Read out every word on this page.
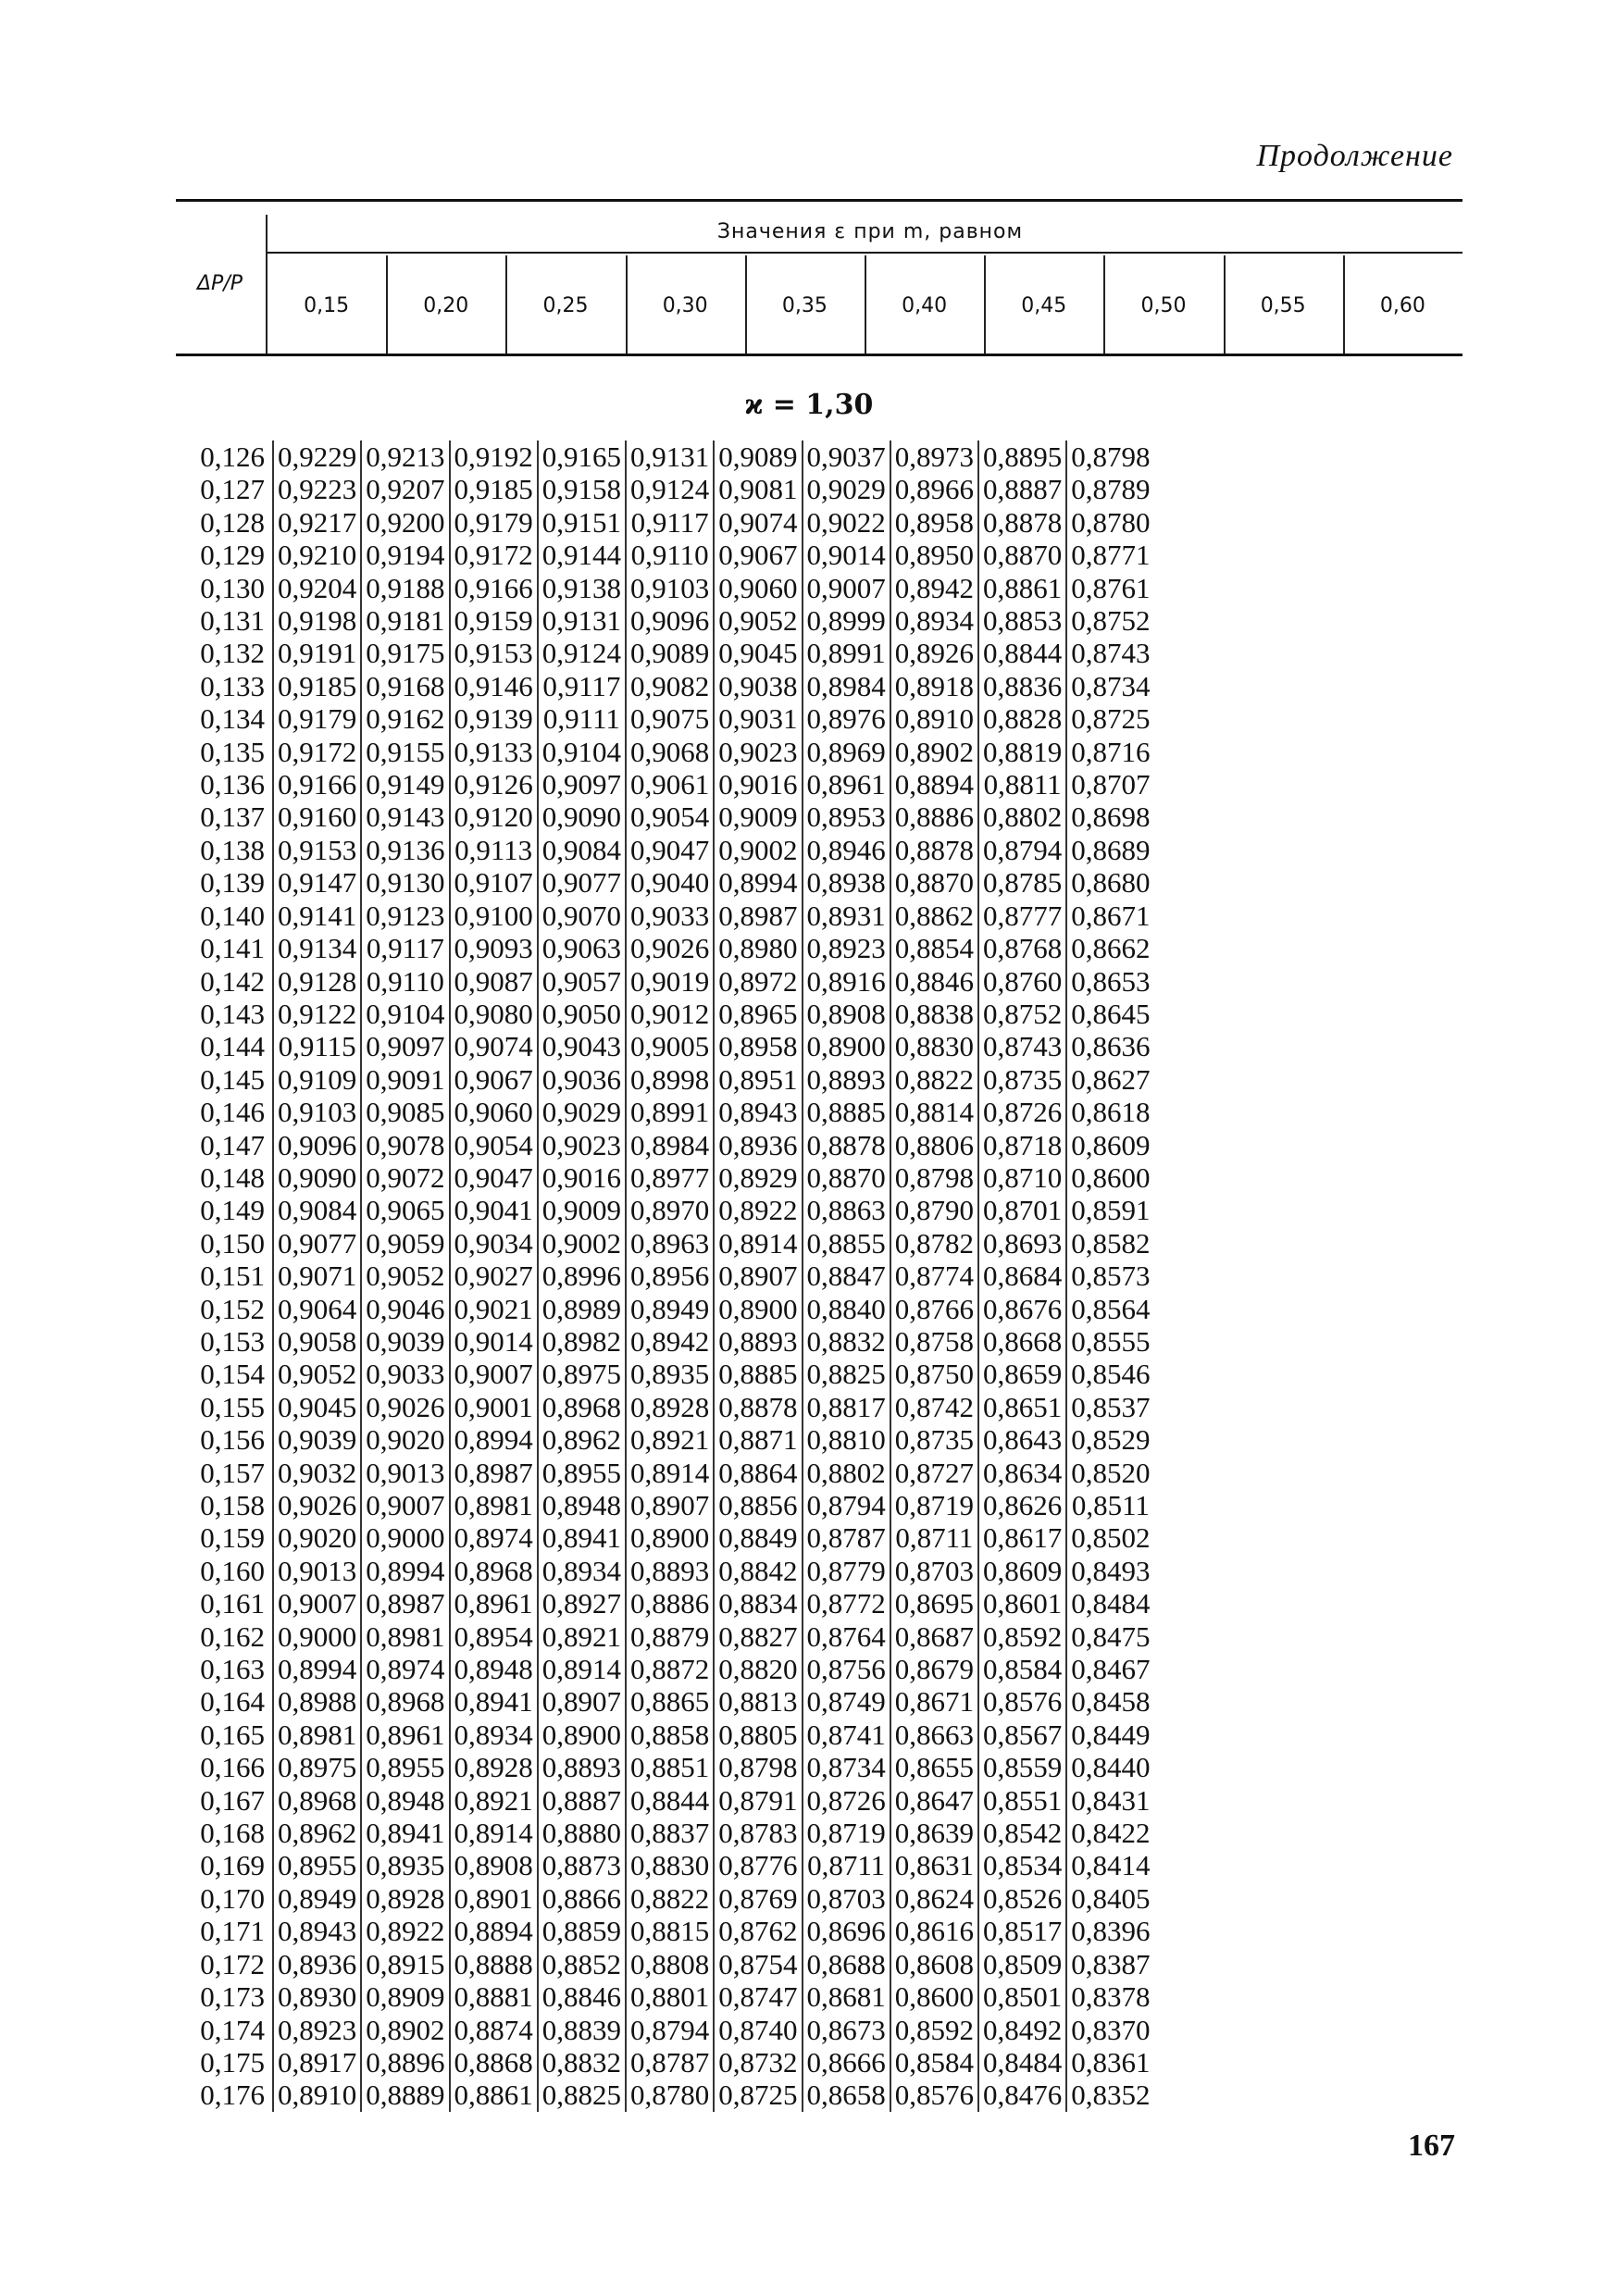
Продолжение
ΔP/P
Значения ε при m, равном
0,15	0,20	0,25	0,30	0,35	0,40	0,45	0,50	0,55	0,60
ϰ = 1,30
0,126	0,9229	0,9213	0,9192	0,9165	0,9131	0,9089	0,9037	0,8973	0,8895	0,8798
0,127	0,9223	0,9207	0,9185	0,9158	0,9124	0,9081	0,9029	0,8966	0,8887	0,8789
0,128	0,9217	0,9200	0,9179	0,9151	0,9117	0,9074	0,9022	0,8958	0,8878	0,8780
0,129	0,9210	0,9194	0,9172	0,9144	0,9110	0,9067	0,9014	0,8950	0,8870	0,8771
0,130	0,9204	0,9188	0,9166	0,9138	0,9103	0,9060	0,9007	0,8942	0,8861	0,8761
0,131	0,9198	0,9181	0,9159	0,9131	0,9096	0,9052	0,8999	0,8934	0,8853	0,8752
0,132	0,9191	0,9175	0,9153	0,9124	0,9089	0,9045	0,8991	0,8926	0,8844	0,8743
0,133	0,9185	0,9168	0,9146	0,9117	0,9082	0,9038	0,8984	0,8918	0,8836	0,8734
0,134	0,9179	0,9162	0,9139	0,9111	0,9075	0,9031	0,8976	0,8910	0,8828	0,8725
0,135	0,9172	0,9155	0,9133	0,9104	0,9068	0,9023	0,8969	0,8902	0,8819	0,8716
0,136	0,9166	0,9149	0,9126	0,9097	0,9061	0,9016	0,8961	0,8894	0,8811	0,8707
0,137	0,9160	0,9143	0,9120	0,9090	0,9054	0,9009	0,8953	0,8886	0,8802	0,8698
0,138	0,9153	0,9136	0,9113	0,9084	0,9047	0,9002	0,8946	0,8878	0,8794	0,8689
0,139	0,9147	0,9130	0,9107	0,9077	0,9040	0,8994	0,8938	0,8870	0,8785	0,8680
0,140	0,9141	0,9123	0,9100	0,9070	0,9033	0,8987	0,8931	0,8862	0,8777	0,8671
0,141	0,9134	0,9117	0,9093	0,9063	0,9026	0,8980	0,8923	0,8854	0,8768	0,8662
0,142	0,9128	0,9110	0,9087	0,9057	0,9019	0,8972	0,8916	0,8846	0,8760	0,8653
0,143	0,9122	0,9104	0,9080	0,9050	0,9012	0,8965	0,8908	0,8838	0,8752	0,8645
0,144	0,9115	0,9097	0,9074	0,9043	0,9005	0,8958	0,8900	0,8830	0,8743	0,8636
0,145	0,9109	0,9091	0,9067	0,9036	0,8998	0,8951	0,8893	0,8822	0,8735	0,8627
0,146	0,9103	0,9085	0,9060	0,9029	0,8991	0,8943	0,8885	0,8814	0,8726	0,8618
0,147	0,9096	0,9078	0,9054	0,9023	0,8984	0,8936	0,8878	0,8806	0,8718	0,8609
0,148	0,9090	0,9072	0,9047	0,9016	0,8977	0,8929	0,8870	0,8798	0,8710	0,8600
0,149	0,9084	0,9065	0,9041	0,9009	0,8970	0,8922	0,8863	0,8790	0,8701	0,8591
0,150	0,9077	0,9059	0,9034	0,9002	0,8963	0,8914	0,8855	0,8782	0,8693	0,8582
0,151	0,9071	0,9052	0,9027	0,8996	0,8956	0,8907	0,8847	0,8774	0,8684	0,8573
0,152	0,9064	0,9046	0,9021	0,8989	0,8949	0,8900	0,8840	0,8766	0,8676	0,8564
0,153	0,9058	0,9039	0,9014	0,8982	0,8942	0,8893	0,8832	0,8758	0,8668	0,8555
0,154	0,9052	0,9033	0,9007	0,8975	0,8935	0,8885	0,8825	0,8750	0,8659	0,8546
0,155	0,9045	0,9026	0,9001	0,8968	0,8928	0,8878	0,8817	0,8742	0,8651	0,8537
0,156	0,9039	0,9020	0,8994	0,8962	0,8921	0,8871	0,8810	0,8735	0,8643	0,8529
0,157	0,9032	0,9013	0,8987	0,8955	0,8914	0,8864	0,8802	0,8727	0,8634	0,8520
0,158	0,9026	0,9007	0,8981	0,8948	0,8907	0,8856	0,8794	0,8719	0,8626	0,8511
0,159	0,9020	0,9000	0,8974	0,8941	0,8900	0,8849	0,8787	0,8711	0,8617	0,8502
0,160	0,9013	0,8994	0,8968	0,8934	0,8893	0,8842	0,8779	0,8703	0,8609	0,8493
0,161	0,9007	0,8987	0,8961	0,8927	0,8886	0,8834	0,8772	0,8695	0,8601	0,8484
0,162	0,9000	0,8981	0,8954	0,8921	0,8879	0,8827	0,8764	0,8687	0,8592	0,8475
0,163	0,8994	0,8974	0,8948	0,8914	0,8872	0,8820	0,8756	0,8679	0,8584	0,8467
0,164	0,8988	0,8968	0,8941	0,8907	0,8865	0,8813	0,8749	0,8671	0,8576	0,8458
0,165	0,8981	0,8961	0,8934	0,8900	0,8858	0,8805	0,8741	0,8663	0,8567	0,8449
0,166	0,8975	0,8955	0,8928	0,8893	0,8851	0,8798	0,8734	0,8655	0,8559	0,8440
0,167	0,8968	0,8948	0,8921	0,8887	0,8844	0,8791	0,8726	0,8647	0,8551	0,8431
0,168	0,8962	0,8941	0,8914	0,8880	0,8837	0,8783	0,8719	0,8639	0,8542	0,8422
0,169	0,8955	0,8935	0,8908	0,8873	0,8830	0,8776	0,8711	0,8631	0,8534	0,8414
0,170	0,8949	0,8928	0,8901	0,8866	0,8822	0,8769	0,8703	0,8624	0,8526	0,8405
0,171	0,8943	0,8922	0,8894	0,8859	0,8815	0,8762	0,8696	0,8616	0,8517	0,8396
0,172	0,8936	0,8915	0,8888	0,8852	0,8808	0,8754	0,8688	0,8608	0,8509	0,8387
0,173	0,8930	0,8909	0,8881	0,8846	0,8801	0,8747	0,8681	0,8600	0,8501	0,8378
0,174	0,8923	0,8902	0,8874	0,8839	0,8794	0,8740	0,8673	0,8592	0,8492	0,8370
0,175	0,8917	0,8896	0,8868	0,8832	0,8787	0,8732	0,8666	0,8584	0,8484	0,8361
0,176	0,8910	0,8889	0,8861	0,8825	0,8780	0,8725	0,8658	0,8576	0,8476	0,8352
167
